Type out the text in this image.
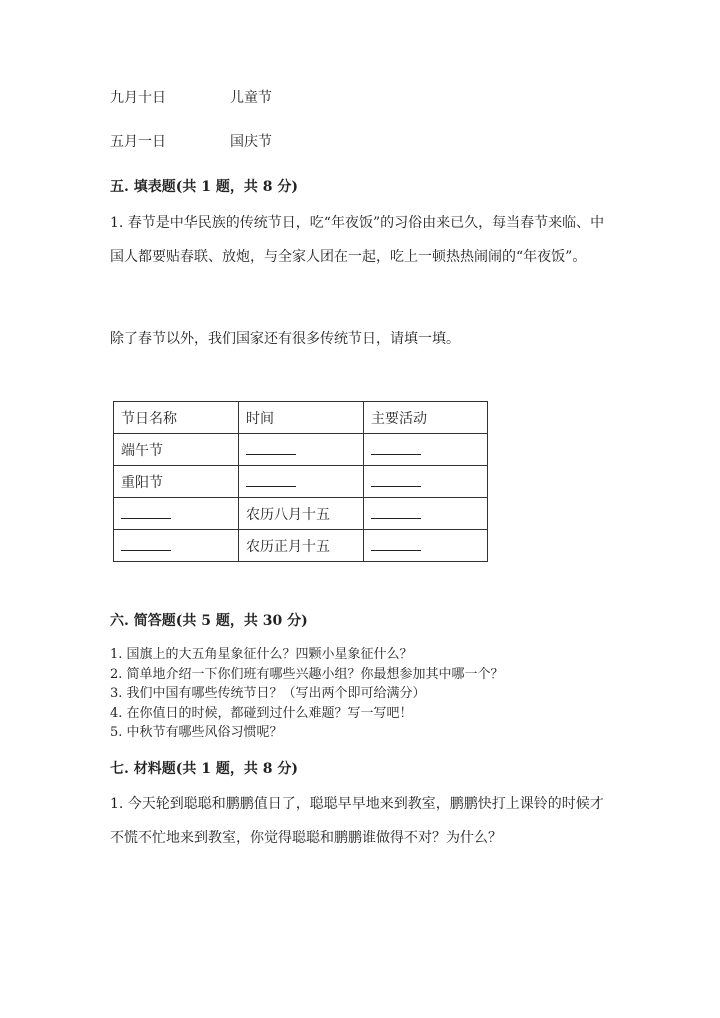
九月十日	儿童节
五月一日	国庆节
五. 填表题(共 1 题，共 8 分)

1. 春节是中华民族的传统节日，吃“年夜饭”的习俗由来已久，每当春节来临、中国人都要贴春联、放炮，与全家人团在一起，吃上一顿热热闹闹的“年夜饭”。

除了春节以外，我们国家还有很多传统节日，请填一填。

节日名称	时间	主要活动
端午节		
重阳节		
	农历八月十五	
	农历正月十五	
六. 简答题(共 5 题，共 30 分)
1. 国旗上的大五角星象征什么？四颗小星象征什么？
2. 简单地介绍一下你们班有哪些兴趣小组？你最想参加其中哪一个？
3. 我们中国有哪些传统节日？（写出两个即可给满分）
4. 在你值日的时候，都碰到过什么难题？写一写吧！
5. 中秋节有哪些风俗习惯呢？
七. 材料题(共 1 题，共 8 分)

1. 今天轮到聪聪和鹏鹏值日了，聪聪早早地来到教室，鹏鹏快打上课铃的时候才不慌不忙地来到教室，你觉得聪聪和鹏鹏谁做得不对？为什么？
